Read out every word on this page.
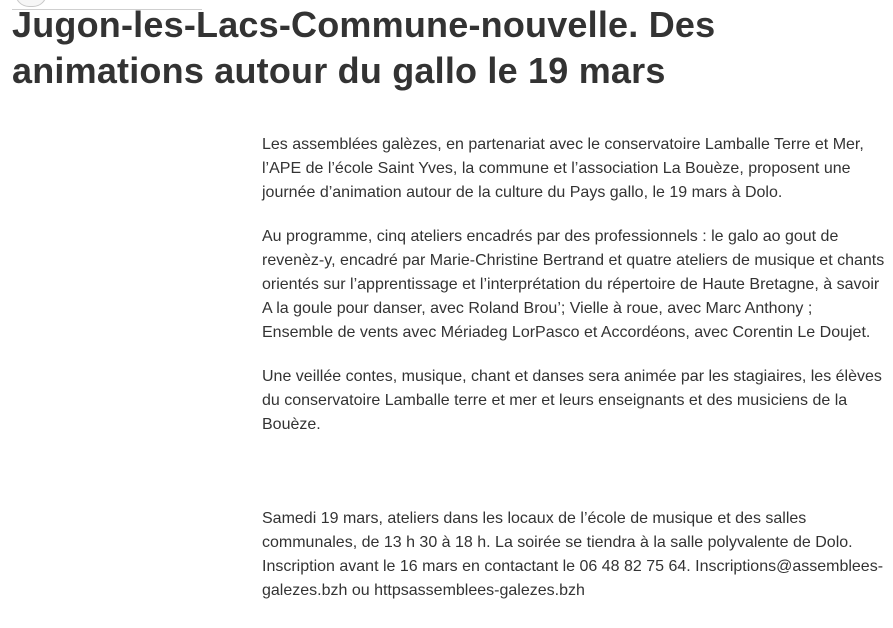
Jugon-les-Lacs-Commune-nouvelle. Des animations autour du gallo le 19 mars

Les assemblées galèzes, en partenariat avec le conservatoire Lamballe Terre et Mer, l’APE de l’école Saint Yves, la commune et l’association La Bouèze, proposent une journée d’animation autour de la culture du Pays gallo, le 19 mars à Dolo.

Au programme, cinq ateliers encadrés par des professionnels : le galo ao gout de revenèz-y, encadré par Marie-Christine Bertrand et quatre ateliers de musique et chants orientés sur l’apprentissage et l’interprétation du répertoire de Haute Bretagne, à savoir A la goule pour danser, avec Roland Brou’; Vielle à roue, avec Marc Anthony ; Ensemble de vents avec Mériadeg LorPasco et Accordéons, avec Corentin Le Doujet.

Une veillée contes, musique, chant et danses sera animée par les stagiaires, les élèves du conservatoire Lamballe terre et mer et leurs enseignants et des musiciens de la Bouèze.

Samedi 19 mars, ateliers dans les locaux de l’école de musique et des salles communales, de 13 h 30 à 18 h. La soirée se tiendra à la salle polyvalente de Dolo. Inscription avant le 16 mars en contactant le 06 48 82 75 64. Inscriptions@assemblees-galezes.bzh ou httpsassemblees-galezes.bzh
